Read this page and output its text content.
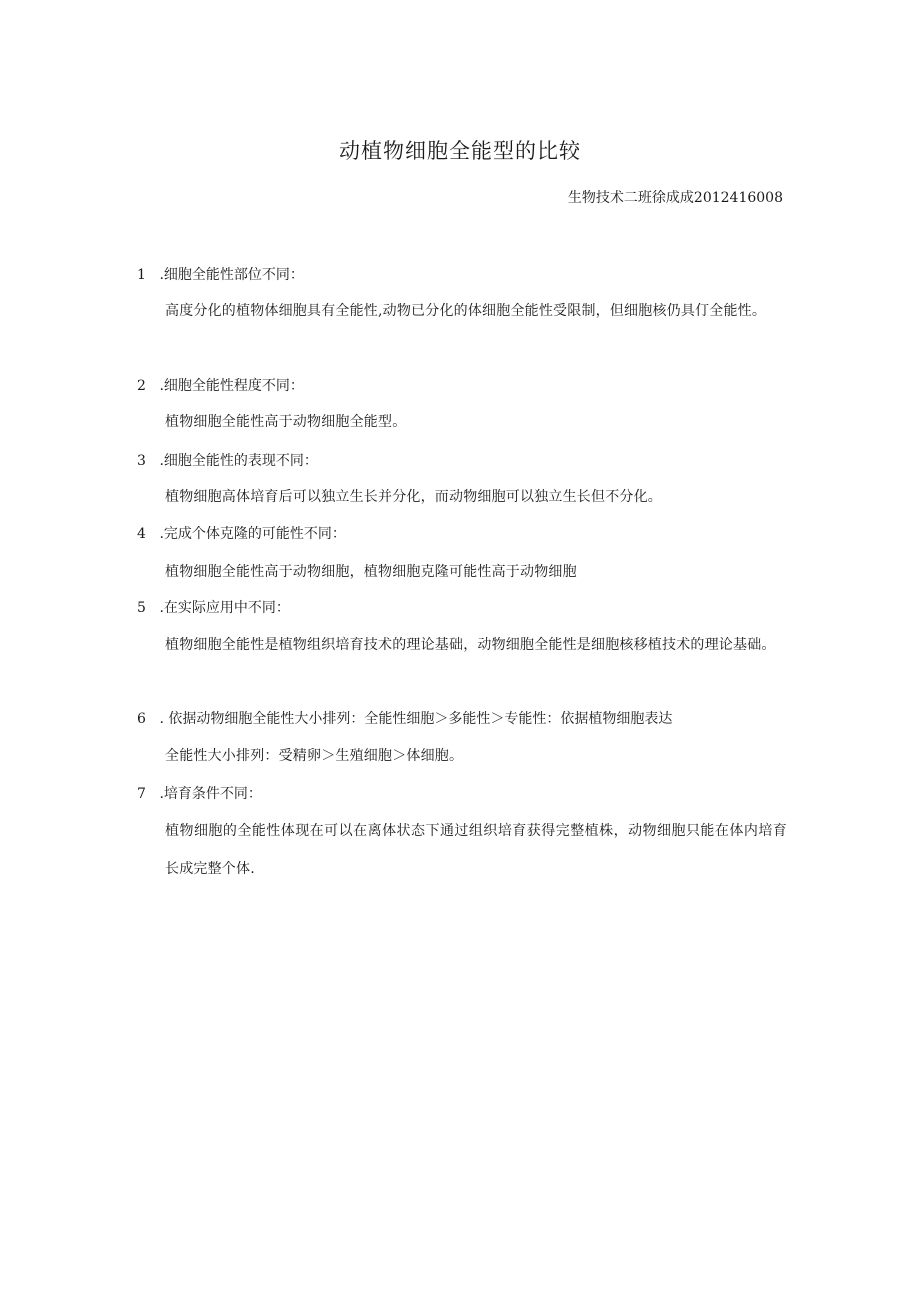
动植物细胞全能型的比较
生物技术二班徐成成2012416008
1 .细胞全能性部位不同：
高度分化的植物体细胞具有全能性,动物已分化的体细胞全能性受限制，但细胞核仍具仃全能性。
2 .细胞全能性程度不同：
植物细胞全能性高于动物细胞全能型。
3 .细胞全能性的表现不同：
植物细胞高体培育后可以独立生长并分化，而动物细胞可以独立生长但不分化。
4 .完成个体克隆的可能性不同：
植物细胞全能性高于动物细胞，植物细胞克隆可能性高于动物细胞
5 .在实际应用中不同：
植物细胞全能性是植物组织培育技术的理论基础，动物细胞全能性是细胞核移植技术的理论基础。
6 . 依据动物细胞全能性大小排列：全能性细胞＞多能性＞专能性：依据植物细胞表达
全能性大小排列：受精卵＞生殖细胞＞体细胞。
7 .培育条件不同：
植物细胞的全能性体现在可以在离体状态下通过组织培育获得完整植株，动物细胞只能在体内培育长成完整个体.
